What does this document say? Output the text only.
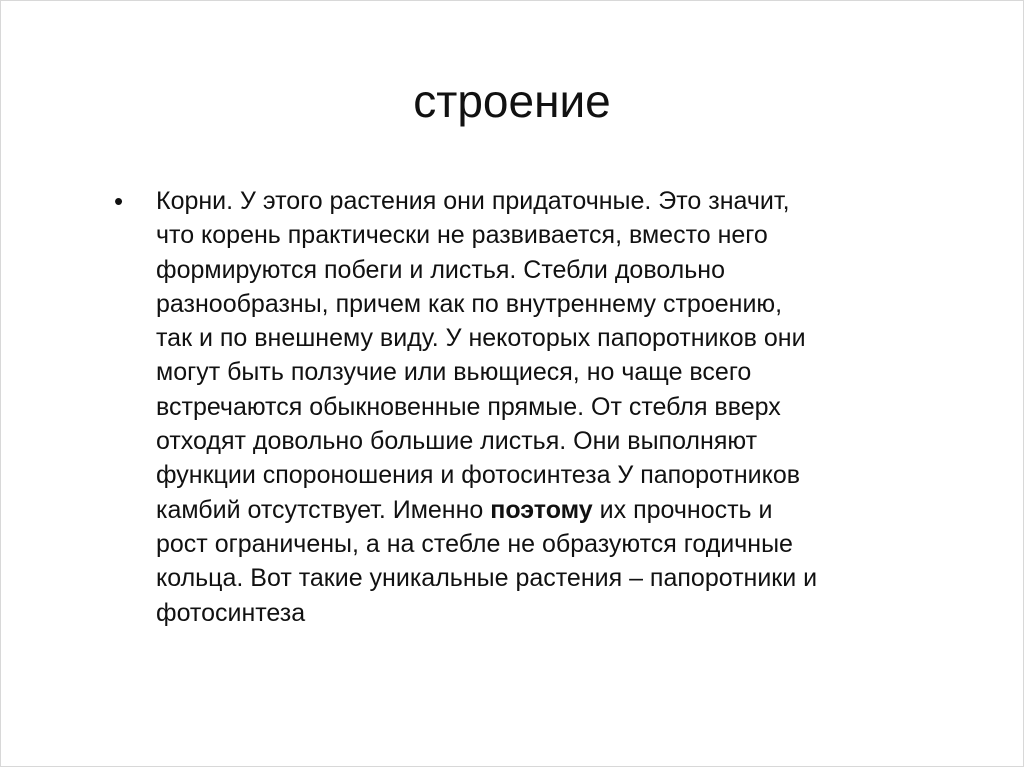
строение
• Корни. У этого растения они придаточные. Это значит,
что корень практически не развивается, вместо него
формируются побеги и листья. Стебли довольно
разнообразны, причем как по внутреннему строению,
так и по внешнему виду. У некоторых папоротников они
могут быть ползучие или вьющиеся, но чаще всего
встречаются обыкновенные прямые. От стебля вверх
отходят довольно большие листья. Они выполняют
функции спороношения и фотосинтеза У папоротников
камбий отсутствует. Именно поэтому их прочность и
рост ограничены, а на стебле не образуются годичные
кольца. Вот такие уникальные растения – папоротники и
фотосинтеза
